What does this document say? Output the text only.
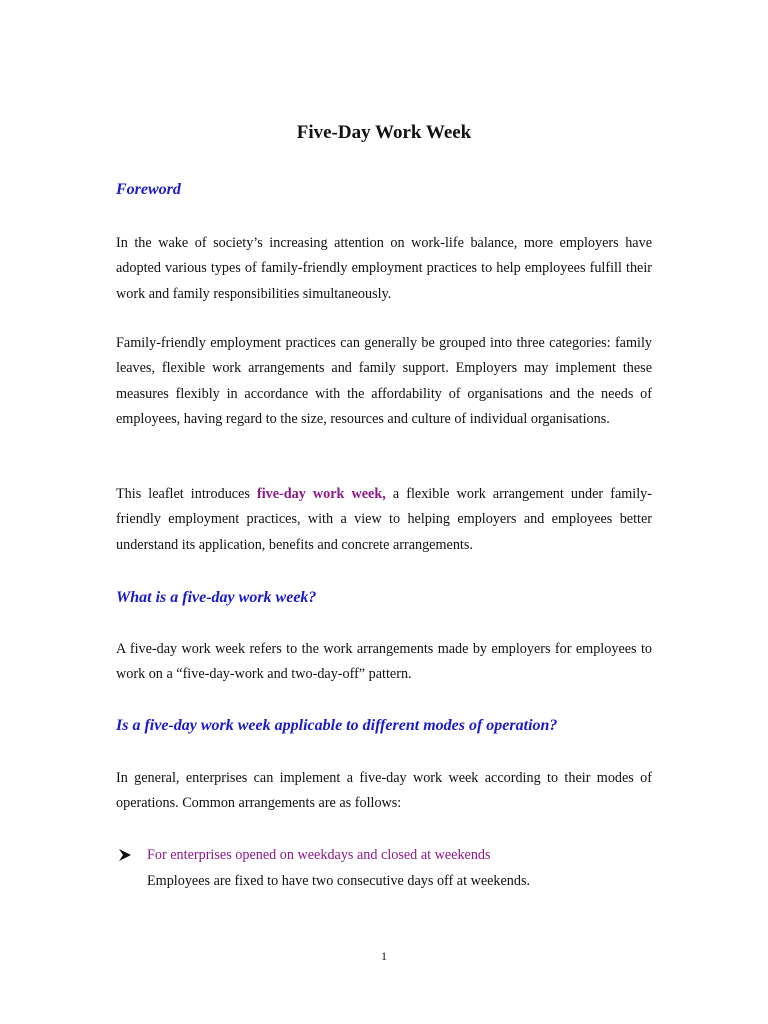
Five-Day Work Week
Foreword

In the wake of society’s increasing attention on work-life balance, more employers have adopted various types of family-friendly employment practices to help employees fulfill their work and family responsibilities simultaneously.

Family-friendly employment practices can generally be grouped into three categories: family leaves, flexible work arrangements and family support. Employers may implement these measures flexibly in accordance with the affordability of organisations and the needs of employees, having regard to the size, resources and culture of individual organisations.

This leaflet introduces five-day work week, a flexible work arrangement under family-friendly employment practices, with a view to helping employers and employees better understand its application, benefits and concrete arrangements.

What is a five-day work week?

A five-day work week refers to the work arrangements made by employers for employees to work on a “five-day-work and two-day-off” pattern.

Is a five-day work week applicable to different modes of operation?

In general, enterprises can implement a five-day work week according to their modes of operations. Common arrangements are as follows:

For enterprises opened on weekdays and closed at weekends

Employees are fixed to have two consecutive days off at weekends.

1
